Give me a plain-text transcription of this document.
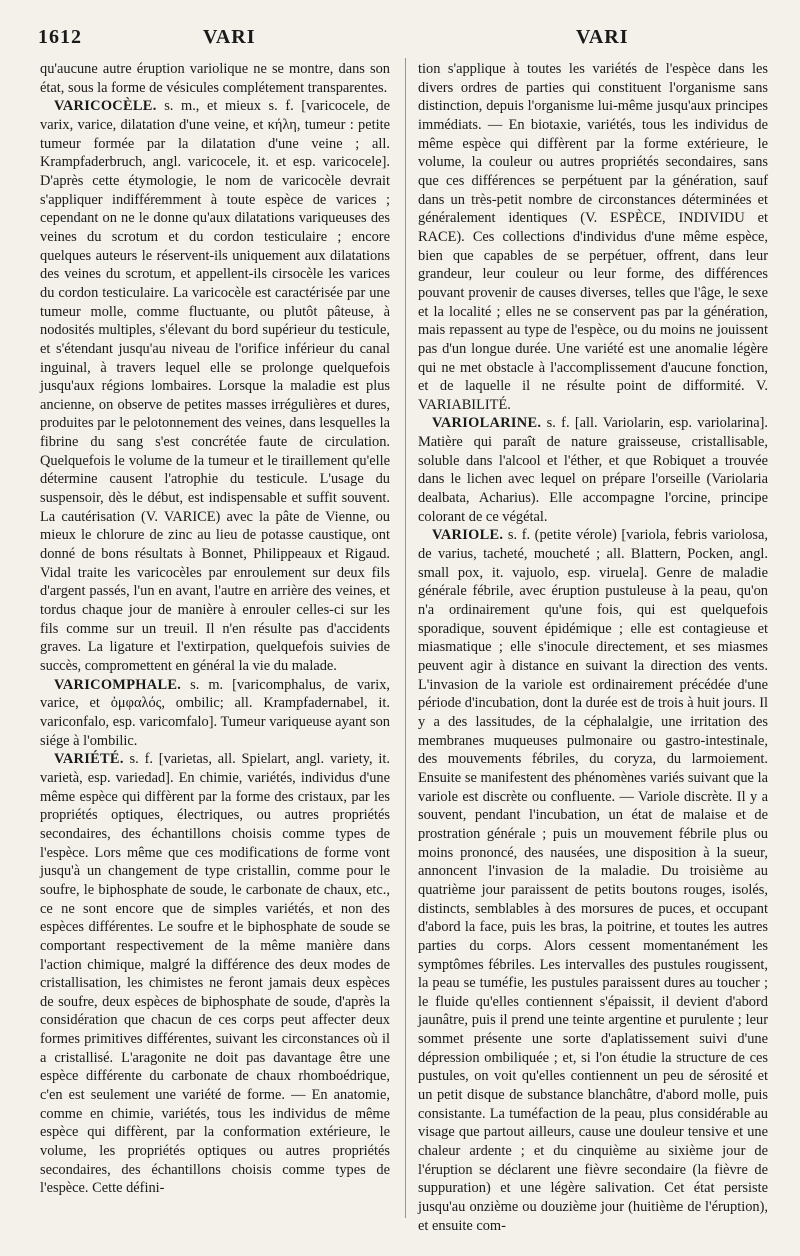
1612	VARI	VARI

qu'aucune autre éruption variolique ne se montre, dans son état, sous la forme de vésicules complétement transparentes.

VARICOCÈLE. s. m., et mieux s. f. [varicocele, de varix, varice, dilatation d'une veine, et κήλη, tumeur : petite tumeur formée par la dilatation d'une veine ; all. Krampfaderbruch, angl. varicocele, it. et esp. varicocele]. D'après cette étymologie, le nom de varicocèle devrait s'appliquer indifféremment à toute espèce de varices ; cependant on ne le donne qu'aux dilatations variqueuses des veines du scrotum et du cordon testiculaire ; encore quelques auteurs le réservent-ils uniquement aux dilatations des veines du scrotum, et appellent-ils cirsocèle les varices du cordon testiculaire. La varicocèle est caractérisée par une tumeur molle, comme fluctuante, ou plutôt pâteuse, à nodosités multiples, s'élevant du bord supérieur du testicule, et s'étendant jusqu'au niveau de l'orifice inférieur du canal inguinal, à travers lequel elle se prolonge quelquefois jusqu'aux régions lombaires. Lorsque la maladie est plus ancienne, on observe de petites masses irrégulières et dures, produites par le pelotonnement des veines, dans lesquelles la fibrine du sang s'est concrétée faute de circulation. Quelquefois le volume de la tumeur et le tiraillement qu'elle détermine causent l'atrophie du testicule. L'usage du suspensoir, dès le début, est indispensable et suffit souvent. La cautérisation (V. VARICE) avec la pâte de Vienne, ou mieux le chlorure de zinc au lieu de potasse caustique, ont donné de bons résultats à Bonnet, Philippeaux et Rigaud. Vidal traite les varicocèles par enroulement sur deux fils d'argent passés, l'un en avant, l'autre en arrière des veines, et tordus chaque jour de manière à enrouler celles-ci sur les fils comme sur un treuil. Il n'en résulte pas d'accidents graves. La ligature et l'extirpation, quelquefois suivies de succès, compromettent en général la vie du malade.

VARICOMPHALE. s. m. [varicomphalus, de varix, varice, et ὀμφαλός, ombilic; all. Krampfadernabel, it. variconfalo, esp. varicomfalo]. Tumeur variqueuse ayant son siége à l'ombilic.

VARIÉTÉ. s. f. [varietas, all. Spielart, angl. variety, it. varietà, esp. variedad]. En chimie, variétés, individus d'une même espèce qui diffèrent par la forme des cristaux, par les propriétés optiques, électriques, ou autres propriétés secondaires, des échantillons choisis comme types de l'espèce. Lors même que ces modifications de forme vont jusqu'à un changement de type cristallin, comme pour le soufre, le biphosphate de soude, le carbonate de chaux, etc., ce ne sont encore que de simples variétés, et non des espèces différentes. Le soufre et le biphosphate de soude se comportant respectivement de la même manière dans l'action chimique, malgré la différence des deux modes de cristallisation, les chimistes ne feront jamais deux espèces de soufre, deux espèces de biphosphate de soude, d'après la considération que chacun de ces corps peut affecter deux formes primitives différentes, suivant les circonstances où il a cristallisé. L'aragonite ne doit pas davantage être une espèce différente du carbonate de chaux rhomboédrique, c'en est seulement une variété de forme. — En anatomie, comme en chimie, variétés, tous les individus de même espèce qui diffèrent, par la conformation extérieure, le volume, les propriétés optiques ou autres propriétés secondaires, des échantillons choisis comme types de l'espèce. Cette défini-

tion s'applique à toutes les variétés de l'espèce dans les divers ordres de parties qui constituent l'organisme sans distinction, depuis l'organisme lui-même jusqu'aux principes immédiats. — En biotaxie, variétés, tous les individus de même espèce qui diffèrent par la forme extérieure, le volume, la couleur ou autres propriétés secondaires, sans que ces différences se perpétuent par la génération, sauf dans un très-petit nombre de circonstances déterminées et généralement identiques (V. ESPÈCE, INDIVIDU et RACE). Ces collections d'individus d'une même espèce, bien que capables de se perpétuer, offrent, dans leur grandeur, leur couleur ou leur forme, des différences pouvant provenir de causes diverses, telles que l'âge, le sexe et la localité ; elles ne se conservent pas par la génération, mais repassent au type de l'espèce, ou du moins ne jouissent pas d'un longue durée. Une variété est une anomalie légère qui ne met obstacle à l'accomplissement d'aucune fonction, et de laquelle il ne résulte point de difformité. V. VARIABILITÉ.

VARIOLARINE. s. f. [all. Variolarin, esp. variolarina]. Matière qui paraît de nature graisseuse, cristallisable, soluble dans l'alcool et l'éther, et que Robiquet a trouvée dans le lichen avec lequel on prépare l'orseille (Variolaria dealbata, Acharius). Elle accompagne l'orcine, principe colorant de ce végétal.

VARIOLE. s. f. (petite vérole) [variola, febris variolosa, de varius, tacheté, moucheté ; all. Blattern, Pocken, angl. small pox, it. vajuolo, esp. viruela]. Genre de maladie générale fébrile, avec éruption pustuleuse à la peau, qu'on n'a ordinairement qu'une fois, qui est quelquefois sporadique, souvent épidémique ; elle est contagieuse et miasmatique ; elle s'inocule directement, et ses miasmes peuvent agir à distance en suivant la direction des vents. L'invasion de la variole est ordinairement précédée d'une période d'incubation, dont la durée est de trois à huit jours. Il y a des lassitudes, de la céphalalgie, une irritation des membranes muqueuses pulmonaire ou gastro-intestinale, des mouvements fébriles, du coryza, du larmoiement. Ensuite se manifestent des phénomènes variés suivant que la variole est discrète ou confluente. — Variole discrète. Il y a souvent, pendant l'incubation, un état de malaise et de prostration générale ; puis un mouvement fébrile plus ou moins prononcé, des nausées, une disposition à la sueur, annoncent l'invasion de la maladie. Du troisième au quatrième jour paraissent de petits boutons rouges, isolés, distincts, semblables à des morsures de puces, et occupant d'abord la face, puis les bras, la poitrine, et toutes les autres parties du corps. Alors cessent momentanément les symptômes fébriles. Les intervalles des pustules rougissent, la peau se tuméfie, les pustules paraissent dures au toucher ; le fluide qu'elles contiennent s'épaissit, il devient d'abord jaunâtre, puis il prend une teinte argentine et purulente ; leur sommet présente une sorte d'aplatissement suivi d'une dépression ombiliquée ; et, si l'on étudie la structure de ces pustules, on voit qu'elles contiennent un peu de sérosité et un petit disque de substance blanchâtre, d'abord molle, puis consistante. La tuméfaction de la peau, plus considérable au visage que partout ailleurs, cause une douleur tensive et une chaleur ardente ; et du cinquième au sixième jour de l'éruption se déclarent une fièvre secondaire (la fièvre de suppuration) et une légère salivation. Cet état persiste jusqu'au onzième ou douzième jour (huitième de l'éruption), et ensuite com-
